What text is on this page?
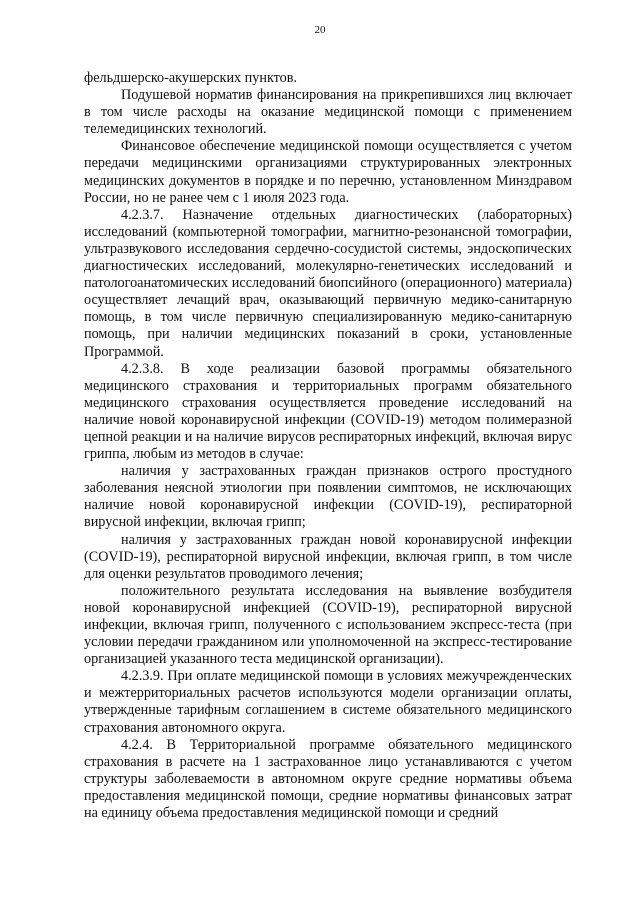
20

фельдшерско-акушерских пунктов.

Подушевой норматив финансирования на прикрепившихся лиц включает в том числе расходы на оказание медицинской помощи с применением телемедицинских технологий.

Финансовое обеспечение медицинской помощи осуществляется с учетом передачи медицинскими организациями структурированных электронных медицинских документов в порядке и по перечню, установленном Минздравом России, но не ранее чем с 1 июля 2023 года.

4.2.3.7. Назначение отдельных диагностических (лабораторных) исследований (компьютерной томографии, магнитно-резонансной томографии, ультразвукового исследования сердечно-сосудистой системы, эндоскопических диагностических исследований, молекулярно-генетических исследований и патологоанатомических исследований биопсийного (операционного) материала) осуществляет лечащий врач, оказывающий первичную медико-санитарную помощь, в том числе первичную специализированную медико-санитарную помощь, при наличии медицинских показаний в сроки, установленные Программой.

4.2.3.8. В ходе реализации базовой программы обязательного медицинского страхования и территориальных программ обязательного медицинского страхования осуществляется проведение исследований на наличие новой коронавирусной инфекции (COVID-19) методом полимеразной цепной реакции и на наличие вирусов респираторных инфекций, включая вирус гриппа, любым из методов в случае:

наличия у застрахованных граждан признаков острого простудного заболевания неясной этиологии при появлении симптомов, не исключающих наличие новой коронавирусной инфекции (COVID-19), респираторной вирусной инфекции, включая грипп;

наличия у застрахованных граждан новой коронавирусной инфекции (COVID-19), респираторной вирусной инфекции, включая грипп, в том числе для оценки результатов проводимого лечения;

положительного результата исследования на выявление возбудителя новой коронавирусной инфекцией (COVID-19), респираторной вирусной инфекции, включая грипп, полученного с использованием экспресс-теста (при условии передачи гражданином или уполномоченной на экспресс-тестирование организацией указанного теста медицинской организации).

4.2.3.9. При оплате медицинской помощи в условиях межучрежденческих и межтерриториальных расчетов используются модели организации оплаты, утвержденные тарифным соглашением в системе обязательного медицинского страхования автономного округа.

4.2.4. В Территориальной программе обязательного медицинского страхования в расчете на 1 застрахованное лицо устанавливаются с учетом структуры заболеваемости в автономном округе средние нормативы объема предоставления медицинской помощи, средние нормативы финансовых затрат на единицу объема предоставления медицинской помощи и средний
